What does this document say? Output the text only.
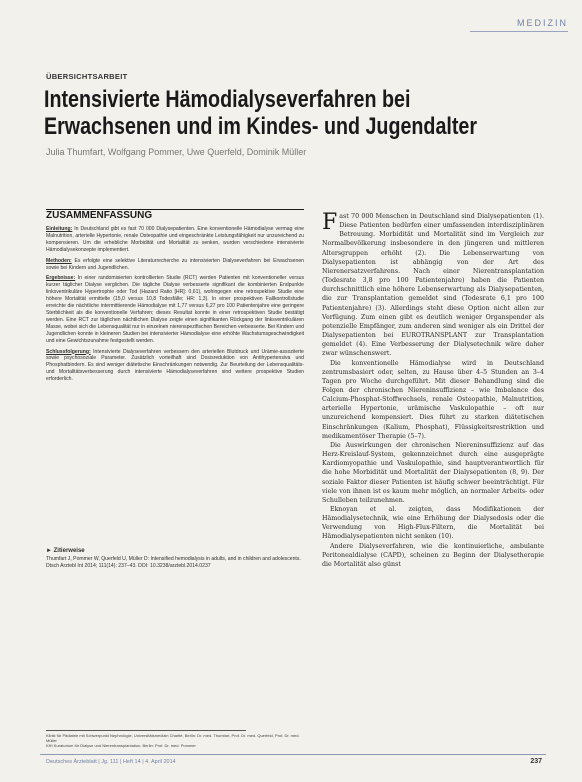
MEDIZIN
ÜBERSICHTSARBEIT
Intensivierte Hämodialyseverfahren bei
Erwachsenen und im Kindes- und Jugendalter
Julia Thumfart, Wolfgang Pommer, Uwe Querfeld, Dominik Müller
ZUSAMMENFASSUNG

Einleitung: In Deutschland gibt es fast 70 000 Dialysepatienten. Eine konventionelle Hämodialyse vermag eine Malnutrition, arterielle Hypertonie, renale Osteopathie und eingeschränkte Leistungsfähigkeit nur unzureichend zu kompensieren. Um die erhebliche Morbidität und Mortalität zu senken, wurden verschiedene intensivierte Hämodialysekonzepte implementiert.

Methoden: Es erfolgte eine selektive Literaturrecherche zu intensivierten Dialyseverfahren bei Erwachsenen sowie bei Kindern und Jugendlichen.

Ergebnisse: In einer randomisierten kontrollierten Studie (RCT) werden Patienten mit konventioneller versus kurzer täglicher Dialyse verglichen. Die tägliche Dialyse verbesserte signifikant die kombinierten Endpunkte linksventrikuläre Hypertrophie oder Tod (Hazard Ratio [HR]: 0,61), wohingegen eine retrospektive Studie eine höhere Mortalität ermittelte (15,0 versus 10,8 Todesfälle; HR: 1,3). In einer prospektiven Fallkontrollstudie erreichte die nächtliche intermittierende Hämodialyse mit 1,77 versus 6,27 pro 100 Patientenjahre eine geringere Sterblichkeit als die konventionelle Verfahren; dieses Resultat konnte in einer retrospektiven Studie bestätigt werden. Eine RCT zur täglichen nächtlichen Dialyse zeigte einen signifikanten Rückgang der linksventrikulären Masse, wobei sich die Lebensqualität nur in einzelnen nierenspezifischen Bereichen verbesserte. Bei Kindern und Jugendlichen konnte in kleineren Studien bei intensivierter Hämodialyse eine erhöhte Wachstumsgeschwindigkeit und eine Gewichtszunahme festgestellt werden.

Schlussfolgerung: Intensivierte Dialyseverfahren verbessern den arteriellen Blutdruck und Urämie-assoziierte sowie psychosoziale Parameter. Zusätzlich vorteilhaft sind Dosisreduktion von Antihypertensiva und Phosphatbindern. Es sind weniger diätetische Einschränkungen notwendig. Zur Beurteilung der Lebensqualitäts- und Mortalitätsverbesserung durch intensivierte Hämodialyseverfahren sind weitere prospektive Studien erforderlich.

► Zitierweise
Thumfart J, Pommer W, Querfeld U, Müller D: Intensified hemodialysis in adults, and in children and adolescents. Dtsch Arztebl Int 2014; 111(14): 237–43. DOI: 10.3238/arztebl.2014.0237
Klinik für Pädiatrie mit Schwerpunkt Nephrologie, Universitätsmedizin Charité, Berlin: Dr. med. Thumfart, Prof. Dr. med. Querfeld, Prof. Dr. med. Müller
KfH Kuratorium für Dialyse und Nierentransplantation, Berlin: Prof. Dr. med. Pommer

Fast 70 000 Menschen in Deutschland sind Dialysepatienten (1). Diese Patienten bedürfen einer umfassenden interdisziplinären Betreuung. Morbidität und Mortalität sind im Vergleich zur Normalbevölkerung insbesondere in den jüngeren und mittleren Altersgruppen erhöht (2). Die Lebenserwartung von Dialysepatienten ist abhängig von der Art des Nierenersatzverfahrens. Nach einer Nierentransplantation (Todesrate 3,8 pro 100 Patientenjahre) haben die Patienten durchschnittlich eine höhere Lebenserwartung als Dialysepatienten, die zur Transplantation gemeldet sind (Todesrate 6,1 pro 100 Patientenjahre) (3). Allerdings steht diese Option nicht allen zur Verfügung. Zum einen gibt es deutlich weniger Organspender als potenzielle Empfänger, zum anderen sind weniger als ein Drittel der Dialysepatienten bei EUROTRANSPLANT zur Transplantation gemeldet (4). Eine Verbesserung der Dialysetechnik wäre daher zwar wünschenswert.

Die konventionelle Hämodialyse wird in Deutschland zentrumsbasiert oder, selten, zu Hause über 4–5 Stunden an 3–4 Tagen pro Woche durchgeführt. Mit dieser Behandlung sind die Folgen der chronischen Niereninsuffizienz – wie Imbalance des Calcium-Phosphat-Stoffwechsels, renale Osteopathie, Malnutrition, arterielle Hypertonie, urämische Vaskulopathie – oft nur unzureichend kompensiert. Dies führt zu starken diätetischen Einschränkungen (Kalium, Phosphat), Flüssigkeitsrestriktion und medikamentöser Therapie (5–7).

Die Auswirkungen der chronischen Niereninsuffizienz auf das Herz-Kreislauf-System, gekennzeichnet durch eine ausgeprägte Kardiomyopathie und Vaskulopathie, sind hauptverantwortlich für die hohe Morbidität und Mortalität der Dialysepatienten (8, 9). Der soziale Faktor dieser Patienten ist häufig schwer beeinträchtigt. Für viele von ihnen ist es kaum mehr möglich, an normaler Arbeits- oder Schulleben teilzunehmen.

Eknoyan et al. zeigten, dass Modifikationen der Hämodialysetechnik, wie eine Erhöhung der Dialysedosis oder die Verwendung von High-Flux-Filtern, die Mortalität bei Hämodialysepatienten nicht senken (10).

Andere Dialyseverfahren, wie die kontinuierliche, ambulante Peritonealdialyse (CAPD), scheinen zu Beginn der Dialysetherapie die Mortalität also günst

Deutsches Ärzteblatt | Jg. 111 | Heft 14 | 4. April 2014	237
